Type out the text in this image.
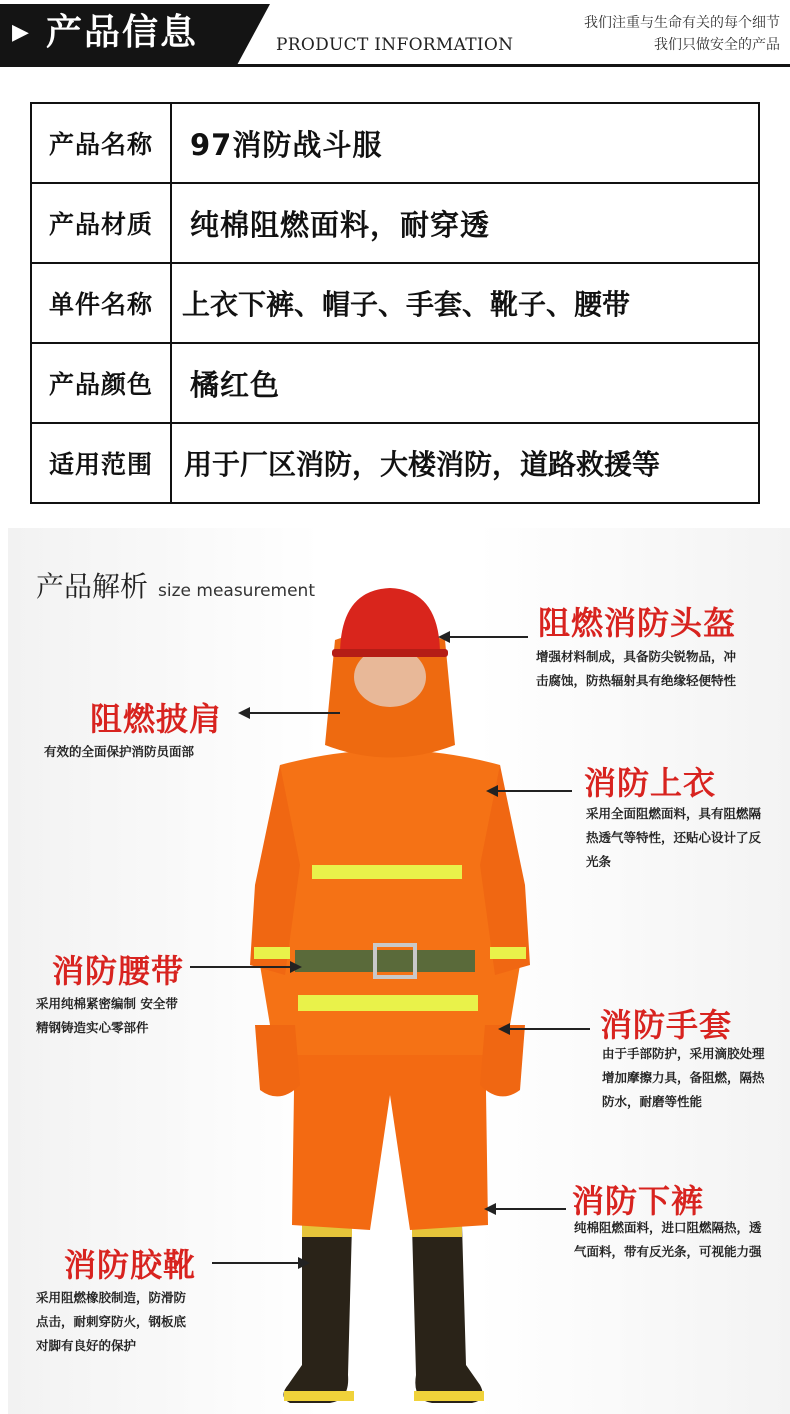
▶ 产品信息	PRODUCT INFORMATION
我们注重与生命有关的每个细节
我们只做安全的产品
产品名称	97消防战斗服
产品材质	纯棉阻燃面料，耐穿透
单件名称	上衣下裤、帽子、手套、靴子、腰带
产品颜色	橘红色
适用范围	用于厂区消防，大楼消防，道路救援等
产品解析 size measurement
阻燃消防头盔
增强材料制成，具备防尖锐物品，冲
击腐蚀，防热辐射具有绝缘轻便特性
阻燃披肩
有效的全面保护消防员面部
消防上衣
采用全面阻燃面料，具有阻燃隔
热透气等特性，还贴心设计了反
光条
消防腰带
采用纯棉紧密编制 安全带
精钢铸造实心零部件	消防手套
由于手部防护，采用滴胶处理
增加摩擦力具，备阻燃，隔热
防水，耐磨等性能
消防下裤
纯棉阻燃面料，进口阻燃隔热，透
气面料，带有反光条，可视能力强
消防胶靴
采用阻燃橡胶制造，防滑防
点击，耐刺穿防火，钢板底
对脚有良好的保护
